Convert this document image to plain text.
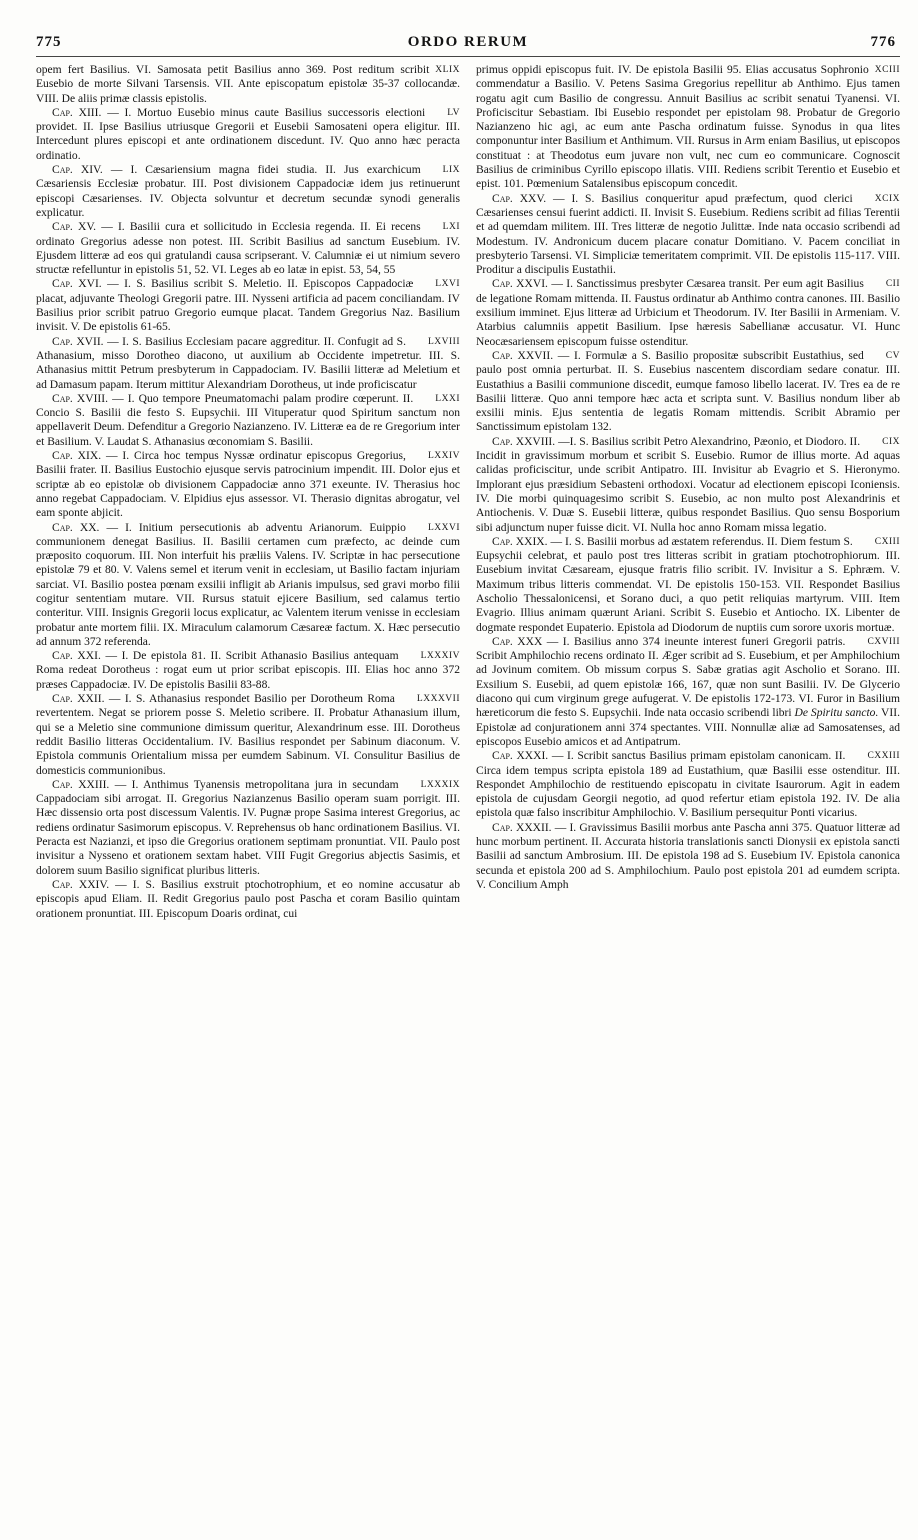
775	ORDO RERUM	776

XLIX
opem fert Basilius. VI. Samosata petit Basilius anno 369. Post reditum scribit Eusebio de morte Silvani Tarsensis. VII. Ante episcopatum epistolæ 35-37 collocandæ. VIII. De aliis primæ classis epistolis.

LV
Cap. XIII. — I. Mortuo Eusebio minus caute Basilius successoris electioni providet. II. Ipse Basilius utriusque Gregorii et Eusebii Samosateni opera eligitur. III. Intercedunt plures episcopi et ante ordinationem discedunt. IV. Quo anno hæc peracta ordinatio.

LIX
Cap. XIV. — I. Cæsariensium magna fidei studia. II. Jus exarchicum Cæsariensis Ecclesiæ probatur. III. Post divisionem Cappadociæ idem jus retinuerunt episcopi Cæsarienses. IV. Objecta solvuntur et decretum secundæ synodi generalis explicatur.

LXI
Cap. XV. — I. Basilii cura et sollicitudo in Ecclesia regenda. II. Ei recens ordinato Gregorius adesse non potest. III. Scribit Basilius ad sanctum Eusebium. IV. Ejusdem litteræ ad eos qui gratulandi causa scripserant. V. Calumniæ ei ut nimium severo structæ refelluntur in epistolis 51, 52. VI. Leges ab eo latæ in epist. 53, 54, 55

LXVI
Cap. XVI. — I. S. Basilius scribit S. Meletio. II. Episcopos Cappadociæ placat, adjuvante Theologi Gregorii patre. III. Nysseni artificia ad pacem conciliandam. IV Basilius prior scribit patruo Gregorio eumque placat. Tandem Gregorius Naz. Basilium invisit. V. De epistolis 61-65.

LXVIII
Cap. XVII. — I. S. Basilius Ecclesiam pacare aggreditur. II. Confugit ad S. Athanasium, misso Dorotheo diacono, ut auxilium ab Occidente impetretur. III. S. Athanasius mittit Petrum presbyterum in Cappadociam. IV. Basilii litteræ ad Meletium et ad Damasum papam. Iterum mittitur Alexandriam Dorotheus, ut inde proficiscatur

LXXI
Cap. XVIII. — I. Quo tempore Pneumatomachi palam prodire cœperunt. II. Concio S. Basilii die festo S. Eupsychii. III Vituperatur quod Spiritum sanctum non appellaverit Deum. Defenditur a Gregorio Nazianzeno. IV. Litteræ ea de re Gregorium inter et Basilium. V. Laudat S. Athanasius œconomiam S. Basilii.

LXXIV
Cap. XIX. — I. Circa hoc tempus Nyssæ ordinatur episcopus Gregorius, Basilii frater. II. Basilius Eustochio ejusque servis patrocinium impendit. III. Dolor ejus et scriptæ ab eo epistolæ ob divisionem Cappadociæ anno 371 exeunte. IV. Therasius hoc anno regebat Cappadociam. V. Elpidius ejus assessor. VI. Therasio dignitas abrogatur, vel eam sponte abjicit.

LXXVI
Cap. XX. — I. Initium persecutionis ab adventu Arianorum. Euippio communionem denegat Basilius. II. Basilii certamen cum præfecto, ac deinde cum præposito coquorum. III. Non interfuit his præliis Valens. IV. Scriptæ in hac persecutione epistolæ 79 et 80. V. Valens semel et iterum venit in ecclesiam, ut Basilio factam injuriam sarciat. VI. Basilio postea pœnam exsilii infligit ab Arianis impulsus, sed gravi morbo filii cogitur sententiam mutare. VII. Rursus statuit ejicere Basilium, sed calamus tertio conteritur. VIII. Insignis Gregorii locus explicatur, ac Valentem iterum venisse in ecclesiam probatur ante mortem filii. IX. Miraculum calamorum Cæsareæ factum. X. Hæc persecutio ad annum 372 referenda.

LXXXIV
Cap. XXI. — I. De epistola 81. II. Scribit Athanasio Basilius antequam Roma redeat Dorotheus : rogat eum ut prior scribat episcopis. III. Elias hoc anno 372 præses Cappadociæ. IV. De epistolis Basilii 83-88.

LXXXVII
Cap. XXII. — I. S. Athanasius respondet Basilio per Dorotheum Roma revertentem. Negat se priorem posse S. Meletio scribere. II. Probatur Athanasium illum, qui se a Meletio sine communione dimissum queritur, Alexandrinum esse. III. Dorotheus reddit Basilio litteras Occidentalium. IV. Basilius respondet per Sabinum diaconum. V. Epistola communis Orientalium missa per eumdem Sabinum. VI. Consulitur Basilius de domesticis communionibus.

LXXXIX
Cap. XXIII. — I. Anthimus Tyanensis metropolitana jura in secundam Cappadociam sibi arrogat. II. Gregorius Nazianzenus Basilio operam suam porrigit. III. Hæc dissensio orta post discessum Valentis. IV. Pugnæ prope Sasima interest Gregorius, ac rediens ordinatur Sasimorum episcopus. V. Reprehensus ob hanc ordinationem Basilius. VI. Peracta est Nazianzi, et ipso die Gregorius orationem septimam pronuntiat. VII. Paulo post invisitur a Nysseno et orationem sextam habet. VIII Fugit Gregorius abjectis Sasimis, et dolorem suum Basilio significat pluribus litteris.

Cap. XXIV. — I. S. Basilius exstruit ptochotrophium, et eo nomine accusatur ab episcopis apud Eliam. II. Redit Gregorius paulo post Pascha et coram Basilio quintam orationem pronuntiat. III. Episcopum Doaris ordinat, cui

XCIII
primus oppidi episcopus fuit. IV. De epistola Basilii 95. Elias accusatus Sophronio commendatur a Basilio. V. Petens Sasima Gregorius repellitur ab Anthimo. Ejus tamen rogatu agit cum Basilio de congressu. Annuit Basilius ac scribit senatui Tyanensi. VI. Proficiscitur Sebastiam. Ibi Eusebio respondet per epistolam 98. Probatur de Gregorio Nazianzeno hic agi, ac eum ante Pascha ordinatum fuisse. Synodus in qua lites componuntur inter Basilium et Anthimum. VII. Rursus in Arm eniam Basilius, ut episcopos constituat : at Theodotus eum juvare non vult, nec cum eo communicare. Cognoscit Basilius de criminibus Cyrillo episcopo illatis. VIII. Rediens scribit Terentio et Eusebio et epist. 101. Pœmenium Satalensibus episcopum concedit.

XCIX
Cap. XXV. — I. S. Basilius conqueritur apud præfectum, quod clerici Cæsarienses censui fuerint addicti. II. Invisit S. Eusebium. Rediens scribit ad filias Terentii et ad quemdam militem. III. Tres litteræ de negotio Julittæ. Inde nata occasio scribendi ad Modestum. IV. Andronicum ducem placare conatur Domitiano. V. Pacem conciliat in presbyterio Tarsensi. VI. Simpliciæ temeritatem comprimit. VII. De epistolis 115-117. VIII. Proditur a discipulis Eustathii.

CII
Cap. XXVI. — I. Sanctissimus presbyter Cæsarea transit. Per eum agit Basilius de legatione Romam mittenda. II. Faustus ordinatur ab Anthimo contra canones. III. Basilio exsilium imminet. Ejus litteræ ad Urbicium et Theodorum. IV. Iter Basilii in Armeniam. V. Atarbius calumniis appetit Basilium. Ipse hæresis Sabellianæ accusatur. VI. Hunc Neocæsariensem episcopum fuisse ostenditur.

CV
Cap. XXVII. — I. Formulæ a S. Basilio propositæ subscribit Eustathius, sed paulo post omnia perturbat. II. S. Eusebius nascentem discordiam sedare conatur. III. Eustathius a Basilii communione discedit, eumque famoso libello lacerat. IV. Tres ea de re Basilii litteræ. Quo anni tempore hæc acta et scripta sunt. V. Basilius nondum liber ab exsilii minis. Ejus sententia de legatis Romam mittendis. Scribit Abramio per Sanctissimum epistolam 132.

CIX
Cap. XXVIII. —I. S. Basilius scribit Petro Alexandrino, Pæonio, et Diodoro. II. Incidit in gravissimum morbum et scribit S. Eusebio. Rumor de illius morte. Ad aquas calidas proficiscitur, unde scribit Antipatro. III. Invisitur ab Evagrio et S. Hieronymo. Implorant ejus præsidium Sebasteni orthodoxi. Vocatur ad electionem episcopi Iconiensis. IV. Die morbi quinquagesimo scribit S. Eusebio, ac non multo post Alexandrinis et Antiochenis. V. Duæ S. Eusebii litteræ, quibus respondet Basilius. Quo sensu Bosporium sibi adjunctum nuper fuisse dicit. VI. Nulla hoc anno Romam missa legatio.

CXIII
Cap. XXIX. — I. S. Basilii morbus ad æstatem referendus. II. Diem festum S. Eupsychii celebrat, et paulo post tres litteras scribit in gratiam ptochotrophiorum. III. Eusebium invitat Cæsaream, ejusque fratris filio scribit. IV. Invisitur a S. Ephræm. V. Maximum tribus litteris commendat. VI. De epistolis 150-153. VII. Respondet Basilius Ascholio Thessalonicensi, et Sorano duci, a quo petit reliquias martyrum. VIII. Item Evagrio. Illius animam quærunt Ariani. Scribit S. Eusebio et Antiocho. IX. Libenter de dogmate respondet Eupaterio. Epistola ad Diodorum de nuptiis cum sorore uxoris mortuæ.

CXVIII
Cap. XXX — I. Basilius anno 374 ineunte interest funeri Gregorii patris. Scribit Amphilochio recens ordinato II. Æger scribit ad S. Eusebium, et per Amphilochium ad Jovinum comitem. Ob missum corpus S. Sabæ gratias agit Ascholio et Sorano. III. Exsilium S. Eusebii, ad quem epistolæ 166, 167, quæ non sunt Basilii. IV. De Glycerio diacono qui cum virginum grege aufugerat. V. De epistolis 172-173. VI. Furor in Basilium hæreticorum die festo S. Eupsychii. Inde nata occasio scribendi libri De Spiritu sancto. VII. Epistolæ ad conjurationem anni 374 spectantes. VIII. Nonnullæ aliæ ad Samosatenses, ad episcopos Eusebio amicos et ad Antipatrum.

CXXIII
Cap. XXXI. — I. Scribit sanctus Basilius primam epistolam canonicam. II. Circa idem tempus scripta epistola 189 ad Eustathium, quæ Basilii esse ostenditur. III. Respondet Amphilochio de restituendo episcopatu in civitate Isaurorum. Agit in eadem epistola de cujusdam Georgii negotio, ad quod refertur etiam epistola 192. IV. De alia epistola quæ falso inscribitur Amphilochio. V. Basilium persequitur Ponti vicarius.

Cap. XXXII. — I. Gravissimus Basilii morbus ante Pascha anni 375. Quatuor litteræ ad hunc morbum pertinent. II. Accurata historia translationis sancti Dionysii ex epistola sancti Basilii ad sanctum Ambrosium. III. De epistola 198 ad S. Eusebium IV. Epistola canonica secunda et epistola 200 ad S. Amphilochium. Paulo post epistola 201 ad eumdem scripta. V. Concilium Amph
